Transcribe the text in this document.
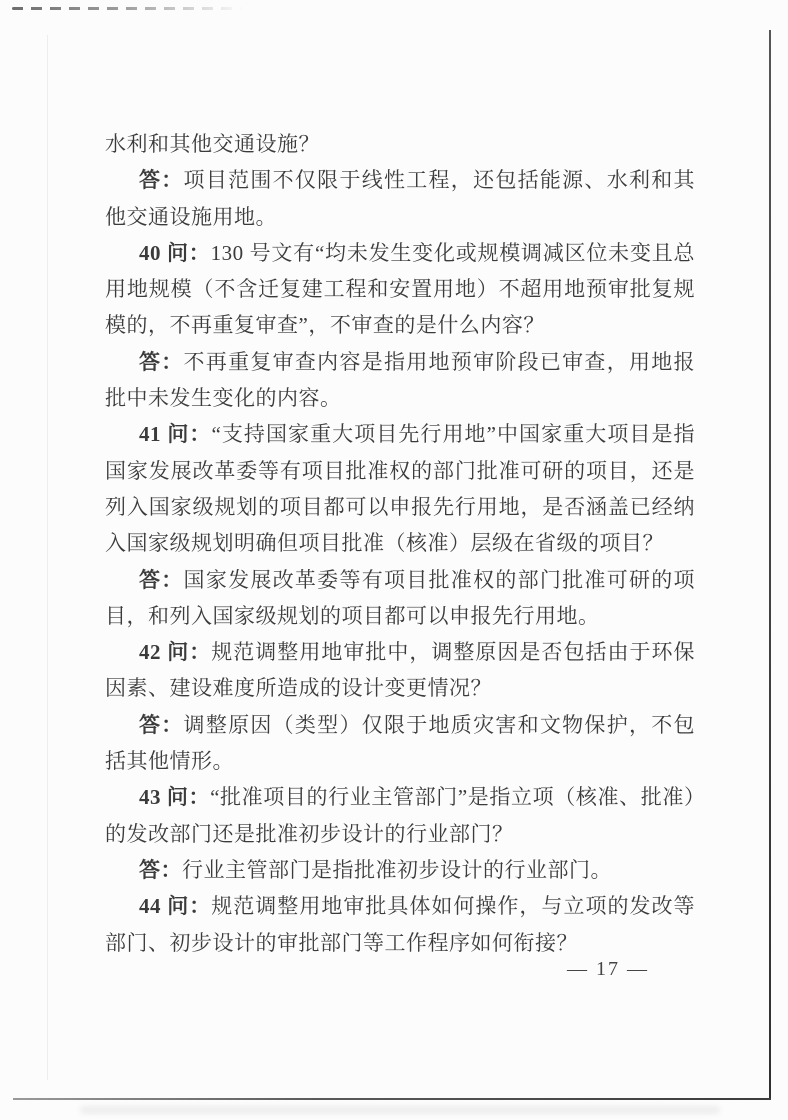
水利和其他交通设施？

答：项目范围不仅限于线性工程，还包括能源、水利和其他交通设施用地。

40 问：130 号文有“均未发生变化或规模调减区位未变且总用地规模（不含迁复建工程和安置用地）不超用地预审批复规模的，不再重复审查”，不审查的是什么内容？

答：不再重复审查内容是指用地预审阶段已审查，用地报批中未发生变化的内容。

41 问：“支持国家重大项目先行用地”中国家重大项目是指国家发展改革委等有项目批准权的部门批准可研的项目，还是列入国家级规划的项目都可以申报先行用地，是否涵盖已经纳入国家级规划明确但项目批准（核准）层级在省级的项目？

答：国家发展改革委等有项目批准权的部门批准可研的项目，和列入国家级规划的项目都可以申报先行用地。

42 问：规范调整用地审批中，调整原因是否包括由于环保因素、建设难度所造成的设计变更情况？

答：调整原因（类型）仅限于地质灾害和文物保护，不包括其他情形。

43 问：“批准项目的行业主管部门”是指立项（核准、批准）的发改部门还是批准初步设计的行业部门？

答：行业主管部门是指批准初步设计的行业部门。

44 问：规范调整用地审批具体如何操作，与立项的发改等部门、初步设计的审批部门等工作程序如何衔接？

— 17 —
